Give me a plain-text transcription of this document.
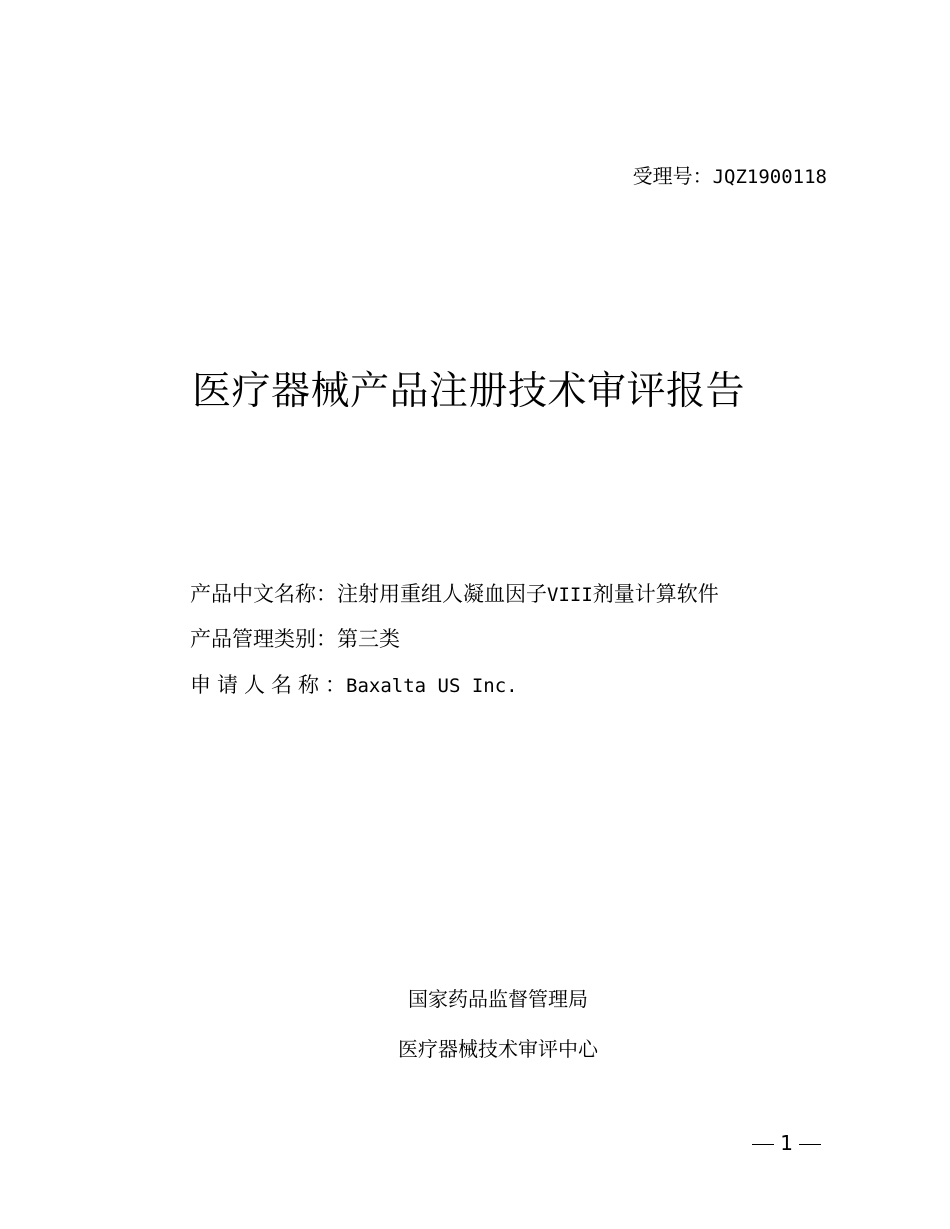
受理号：JQZ1900118
医疗器械产品注册技术审评报告
产品中文名称：注射用重组人凝血因子VIII剂量计算软件
产品管理类别：第三类
申请人名称：Baxalta US Inc.
国家药品监督管理局
医疗器械技术审评中心
1
